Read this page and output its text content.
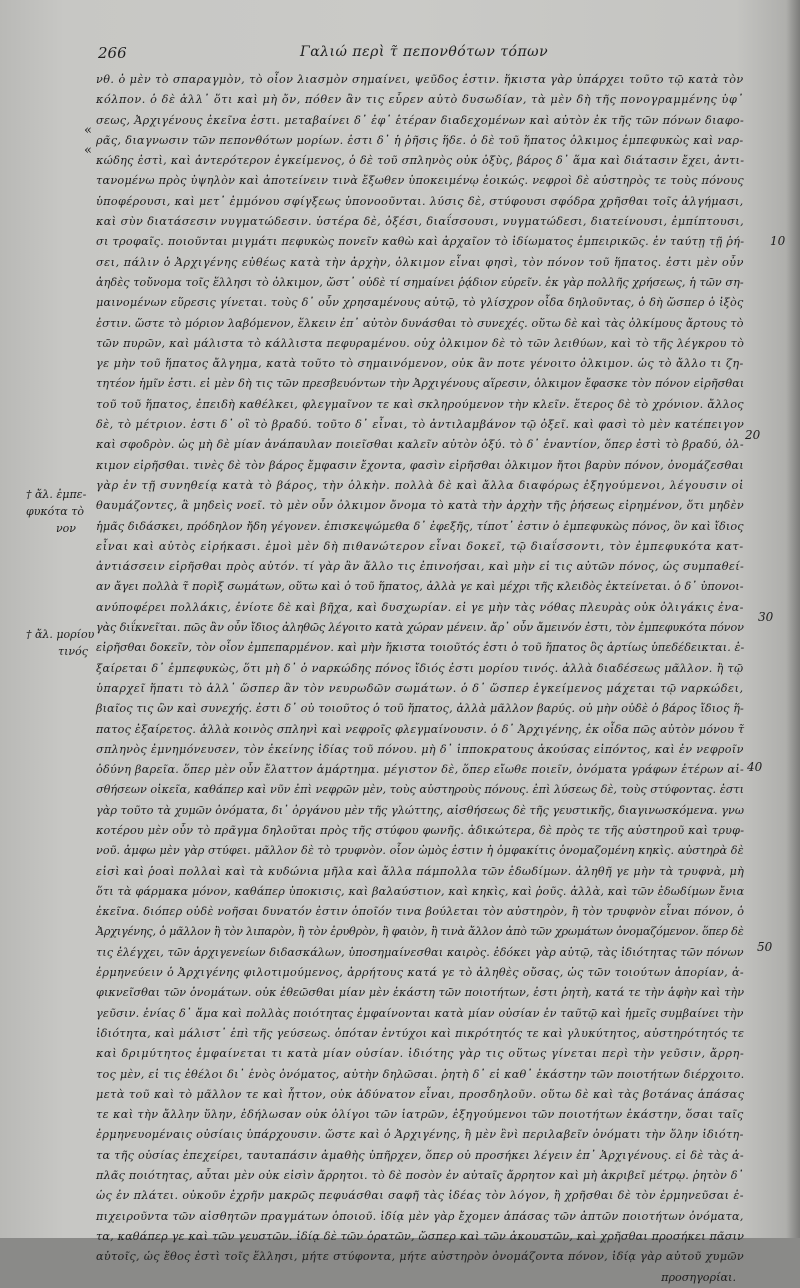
266	Γαλιώ περὶ τ̃ πεπονθότων τόπων
«
«
10
20
30
40
50
† ἄλ. ἐμπε-
φυκότα τὸ
νον
† ἄλ. μορίου
τινός
νθ. ὁ μὲν τὸ σπαραγμὸν, τὸ οἷον λιασμὸν σημαίνει, ψεῦδος ἐστιν. ἥκιστα γὰρ ὑπάρχει τοῦτο τῷ κατὰ τὸν
κόλπον. ὁ δὲ ἀλλ᾽ ὅτι καὶ μὴ ὄν, πόθεν ἂν τις εὗρεν αὐτὸ δυσωδίαν, τὰ μὲν δὴ τῆς πονογραμμένης ὑφ᾽
σεως, Ἀρχιγένους ἐκεῖνα ἐστι. μεταβαίνει δ᾽ ἐφ᾽ ἑτέραν διαδεχομένων καὶ αὐτὸν ἐκ τῆς τῶν πόνων διαφο-
ρᾶς, διαγνωσιν τῶν πεπονθότων μορίων. ἐστι δ᾽ ἡ ῥῆσις ἥδε. ὁ δὲ τοῦ ἥπατος ὀλκιμος ἐμπεφυκὼς καὶ ναρ-
κώδης ἐστὶ, καὶ ἀντερότερον ἐγκείμενος, ὁ δὲ τοῦ σπληνὸς οὐκ ὀξὺς, βάρος δ᾽ ἅμα καὶ διάτασιν ἔχει, ἀντι-
τανομένω πρὸς ὑψηλὸν καὶ ἀποτείνειν τινὰ ἔξωθεν ὑποκειμένῳ ἐοικώς. νεφροὶ δὲ αὐστηρὸς τε τοὺς πόνους
ὑποφέρουσι, καὶ μετ᾽ ἐμμόνου σφίγξεως ὑπονοοῦνται. λύσις δὲ, στύφουσι σφόδρα χρῆσθαι τοῖς ἀλγήμασι,
καὶ σὺν διατάσεσιν νυγματώδεσιν. ὑστέρα δὲ, ὀξέσι, διαΐσσουσι, νυγματώδεσι, διατείνουσι, ἐμπίπτουσι,
σι τροφαῖς. ποιοῦνται μιγμάτι πεφυκὼς πονεῖν καθὼ καὶ ἀρχαῖον τὸ ἰδίωματος ἐμπειρικῶς. ἐν ταύτῃ τῇ ῥή-
σει, πάλιν ὁ Ἀρχιγένης εὐθέως κατὰ τὴν ἀρχὴν, ὀλκιμον εἶναι φησὶ, τὸν πόνον τοῦ ἥπατος. ἐστι μὲν οὖν
ἀηδὲς τοὔνομα τοῖς ἕλλησι τὸ ὀλκιμον, ὥστ᾽ οὐδὲ τί σημαίνει ῥᾴδιον εὑρεῖν. ἐκ γὰρ πολλῆς χρήσεως, ἡ τῶν ση-
μαινομένων εὕρεσις γίνεται. τοὺς δ᾽ οὖν χρησαμένους αὐτῷ, τὸ γλίσχρον οἶδα δηλοῦντας, ὁ δὴ ὥσπερ ὁ ἰξὸς
ἐστιν. ὥστε τὸ μόριον λαβόμενον, ἕλκειν ἐπ᾽ αὐτὸν δυνάσθαι τὸ συνεχές. οὕτω δὲ καὶ τὰς ὀλκίμους ἄρτους τὸ
τῶν πυρῶν, καὶ μάλιστα τὸ κάλλιστα πεφυραμένου. οὐχ ὀλκιμον δὲ τὸ τῶν λειθύων, καὶ τὸ τῆς λέγκρου τὸ
γε μὴν τοῦ ἥπατος ἄλγημα, κατὰ τοῦτο τὸ σημαινόμενον, οὐκ ἂν ποτε γένοιτο ὀλκιμον. ὡς τὸ ἄλλο τι ζη-
τητέον ἡμῖν ἐστι. εἰ μὲν δὴ τις τῶν πρεσβευόντων τὴν Ἀρχιγένους αἵρεσιν, ὀλκιμον ἔφασκε τὸν πόνον εἰρῆσθαι
τοῦ τοῦ ἥπατος, ἐπειδὴ καθέλκει, φλεγμαῖνον τε καὶ σκληρούμενον τὴν κλεῖν. ἕτερος δὲ τὸ χρόνιον. ἄλλος
δὲ, τὸ μέτριον. ἐστι δ᾽ οἳ τὸ βραδύ. τοῦτο δ᾽ εἶναι, τὸ ἀντιλαμβάνον τῷ ὀξεῖ. καὶ φασὶ τὸ μὲν κατέπειγον
καὶ σφοδρὸν. ὡς μὴ δὲ μίαν ἀνάπαυλαν ποιεῖσθαι καλεῖν αὐτὸν ὀξύ. τὸ δ᾽ ἐναντίον, ὅπερ ἐστὶ τὸ βραδύ, ὀλ-
κιμον εἰρῆσθαι. τινὲς δὲ τὸν βάρος ἔμφασιν ἔχοντα, φασὶν εἰρῆσθαι ὀλκιμον ἤτοι βαρὺν πόνον, ὀνομάζεσθαι
γὰρ ἐν τῇ συνηθείᾳ κατὰ τὸ βάρος, τὴν ὁλκὴν. πολλὰ δὲ καὶ ἄλλα διαφόρως ἐξηγούμενοι, λέγουσιν οἱ
θαυμάζοντες, ἃ μηδεὶς νοεῖ. τὸ μὲν οὖν ὀλκιμον ὄνομα τὸ κατὰ τὴν ἀρχὴν τῆς ῥήσεως εἰρημένον, ὅτι μηδὲν
ἡμᾶς διδάσκει, πρόδηλον ἤδη γέγονεν. ἐπισκεψώμεθα δ᾽ ἐφεξῆς, τίποτ᾽ ἐστιν ὁ ἐμπεφυκὼς πόνος, ὃν καὶ ἴδιος
εἶναι καὶ αὐτὸς εἰρήκασι. ἐμοὶ μὲν δὴ πιθανώτερον εἶναι δοκεῖ, τῷ διαΐσσοντι, τὸν ἐμπεφυκότα κατ-
ἀντιάσσειν εἰρῆσθαι πρὸς αὐτόν. τί γὰρ ἂν ἄλλο τις ἐπινοήσαι, καὶ μὴν εἰ τις αὐτῶν πόνος, ὡς συμπαθεί-
αν ἄγει πολλὰ τ̃ πορὶξ σωμάτων, οὕτω καὶ ὁ τοῦ ἥπατος, ἀλλὰ γε καὶ μέχρι τῆς κλειδὸς ἐκτείνεται. ὁ δ᾽ ὑπονοι-
ανύποφέρει πολλάκις, ἐνίοτε δὲ καὶ βῆχα, καὶ δυσχωρίαν. εἰ γε μὴν τὰς νόθας πλευρὰς οὐκ ὀλιγάκις ἐνα-
γὰς διΐκνεῖται. πῶς ἂν οὖν ἴδιος ἀληθῶς λέγοιτο κατὰ χώραν μένειν. ἄρ᾽ οὖν ἄμεινόν ἐστι, τὸν ἐμπεφυκότα πόνον
εἰρῆσθαι δοκεῖν, τὸν οἷον ἐμπεπαρμένον. καὶ μὴν ἥκιστα τοιοῦτός ἐστι ὁ τοῦ ἥπατος ὃς ἀρτίως ὑπεδέδεικται. ἐ-
ξαίρεται δ᾽ ἐμπεφυκὼς, ὅτι μὴ δ᾽ ὁ ναρκώδης πόνος ἴδιός ἐστι μορίου τινός. ἀλλὰ διαδέσεως μᾶλλον. ἢ τῷ
ὑπαρχεῖ ἥπατι τὸ ἀλλ᾽ ὥσπερ ἂν τὸν νευρωδῶν σωμάτων. ὁ δ᾽ ὥσπερ ἐγκείμενος μάχεται τῷ ναρκώδει,
βιαῖος τις ὢν καὶ συνεχής. ἐστι δ᾽ οὐ τοιοῦτος ὁ τοῦ ἥπατος, ἀλλὰ μᾶλλον βαρύς. οὐ μὴν οὐδὲ ὁ βάρος ἴδιος ἥ-
πατος ἐξαίρετος. ἀλλὰ κοινὸς σπληνὶ καὶ νεφροῖς φλεγμαίνουσιν. ὁ δ᾽ Ἀρχιγένης, ἐκ οἶδα πῶς αὐτὸν μόνου τ̃
σπληνὸς ἐμνημόνευσεν, τὸν ἐκείνης ἰδίας τοῦ πόνου. μὴ δ᾽ ἱπποκρατους ἀκούσας εἰπόντος, καὶ ἐν νεφροῖν
ὀδύνη βαρεῖα. ὅπερ μὲν οὖν ἔλαττον ἁμάρτημα. μέγιστον δὲ, ὅπερ εἴωθε ποιεῖν, ὀνόματα γράφων ἑτέρων αἰ-
σθήσεων οἰκεῖα, καθάπερ καὶ νῦν ἐπὶ νεφρῶν μὲν, τοὺς αὐστηροὺς πόνους. ἐπὶ λύσεως δὲ, τοὺς στύφοντας. ἐστι
γὰρ τοῦτο τὰ χυμῶν ὀνόματα, δι᾽ ὀργάνου μὲν τῆς γλώττης, αἰσθήσεως δὲ τῆς γευστικῆς, διαγινωσκόμενα. γνω
κοτέρου μὲν οὖν τὸ πρᾶγμα δηλοῦται πρὸς τῆς στύφου φωνῆς. ἀδικώτερα, δὲ πρὸς τε τῆς αὐστηροῦ καὶ τρυφ-
νοῦ. ἀμφω μὲν γὰρ στύφει. μᾶλλον δὲ τὸ τρυφνὸν. οἷον ὠμὸς ἐστιν ἡ ὀμφακίτις ὀνομαζομένη κηκὶς. αὐστηρὰ δὲ
εἰσὶ καὶ ῥοαὶ πολλαὶ καὶ τὰ κυδώνια μῆλα καὶ ἄλλα πάμπολλα τῶν ἐδωδίμων. ἀληθῆ γε μὴν τὰ τρυφνὰ, μὴ
ὅτι τὰ φάρμακα μόνον, καθάπερ ὑποκισις, καὶ βαλαύστιον, καὶ κηκὶς, καὶ ῥοῦς. ἀλλὰ, καὶ τῶν ἐδωδίμων ἔνια
ἐκεῖνα. διόπερ οὐδὲ νοῆσαι δυνατόν ἐστιν ὁποῖόν τινα βούλεται τὸν αὐστηρὸν, ἢ τὸν τρυφνὸν εἶναι πόνον, ὁ
Ἀρχιγένης, ὁ μᾶλλον ἢ τὸν λιπαρὸν, ἢ τὸν ἐρυθρὸν, ἢ φαιὸν, ἢ τινὰ ἄλλον ἀπὸ τῶν χρωμάτων ὀνομαζόμενον. ὅπερ δὲ
τις ἐλέγχει, τῶν ἀρχιγενείων διδασκάλων, ὑποσημαίνεσθαι καιρὸς. ἐδόκει γὰρ αὐτῷ, τὰς ἰδιότητας τῶν πόνων
ἑρμηνεύειν ὁ Ἀρχιγένης φιλοτιμούμενος, ἀρρήτους κατά γε τὸ ἀληθὲς οὔσας, ὡς τῶν τοιούτων ἀπορίαν, ἀ-
φικνεῖσθαι τῶν ὀνομάτων. οὐκ ἐθεῶσθαι μίαν μὲν ἑκάστη τῶν ποιοτήτων, ἐστι ῥητὴ, κατά τε τὴν ἁφὴν καὶ τὴν
γεῦσιν. ἐνίας δ᾽ ἅμα καὶ πολλὰς ποιότητας ἐμφαίνονται κατὰ μίαν οὐσίαν ἐν ταῦτῷ καὶ ἡμεῖς συμβαίνει τὴν
ἰδιότητα, καὶ μάλιστ᾽ ἐπὶ τῆς γεύσεως. ὁπόταν ἐντύχοι καὶ πικρότητός τε καὶ γλυκύτητος, αὐστηρότητός τε
καὶ δριμύτητος ἐμφαίνεται τι κατὰ μίαν οὐσίαν. ἰδιότης γὰρ τις οὕτως γίνεται περὶ τὴν γεῦσιν, ἄρρη-
τος μὲν, εἰ τις ἐθέλοι δι᾽ ἑνὸς ὀνόματος, αὐτὴν δηλῶσαι. ῥητὴ δ᾽ εἰ καθ᾽ ἑκάστην τῶν ποιοτήτων διέρχοιτο.
μετὰ τοῦ καὶ τὸ μᾶλλον τε καὶ ἧττον, οὐκ ἀδύνατον εἶναι, προσδηλοῦν. οὕτω δὲ καὶ τὰς βοτάνας ἁπάσας
τε καὶ τὴν ἄλλην ὕλην, ἐδήλωσαν οὐκ ὀλίγοι τῶν ἰατρῶν, ἐξηγούμενοι τῶν ποιοτήτων ἑκάστην, ὅσαι ταῖς
ἑρμηνευομέναις οὐσίαις ὑπάρχουσιν. ὥστε καὶ ὁ Ἀρχιγένης, ἢ μὲν ἓνὶ περιλαβεῖν ὀνόματι τὴν ὅλην ἰδιότη-
τα τῆς οὐσίας ἐπεχείρει, ταυταπάσιν ἀμαθὴς ὑπῆρχεν, ὅπερ οὐ προσήκει λέγειν ἐπ᾽ Ἀρχιγένους. εἰ δὲ τὰς ἁ-
πλᾶς ποιότητας, αὗται μὲν οὐκ εἰσὶν ἄρρητοι. τὸ δὲ ποσὸν ἐν αὐταῖς ἄρρητον καὶ μὴ ἀκριβεῖ μέτρῳ. ῥητὸν δ᾽
ὡς ἐν πλάτει. οὐκοῦν ἐχρῆν μακρῶς πεφυάσθαι σαφῆ τὰς ἰδέας τὸν λόγον, ἢ χρῆσθαι δὲ τὸν ἑρμηνεῦσαι ἐ-
πιχειροῦντα τῶν αἰσθητῶν πραγμάτων ὁποιοῦ. ἰδίᾳ μὲν γὰρ ἔχομεν ἁπάσας τῶν ἁπτῶν ποιοτήτων ὀνόματα,
τα, καθάπερ γε καὶ τῶν γευστῶν. ἰδίᾳ δὲ τῶν ὁρατῶν, ὥσπερ καὶ τῶν ἀκουστῶν, καὶ χρῆσθαι προσήκει πᾶσιν
αὐτοῖς, ὡς ἔθος ἐστὶ τοῖς ἕλλησι, μήτε στύφοντα, μήτε αὐστηρὸν ὀνομάζοντα πόνον, ἰδίᾳ γὰρ αὐτοῦ χυμῶν
προσηγορίαι.
